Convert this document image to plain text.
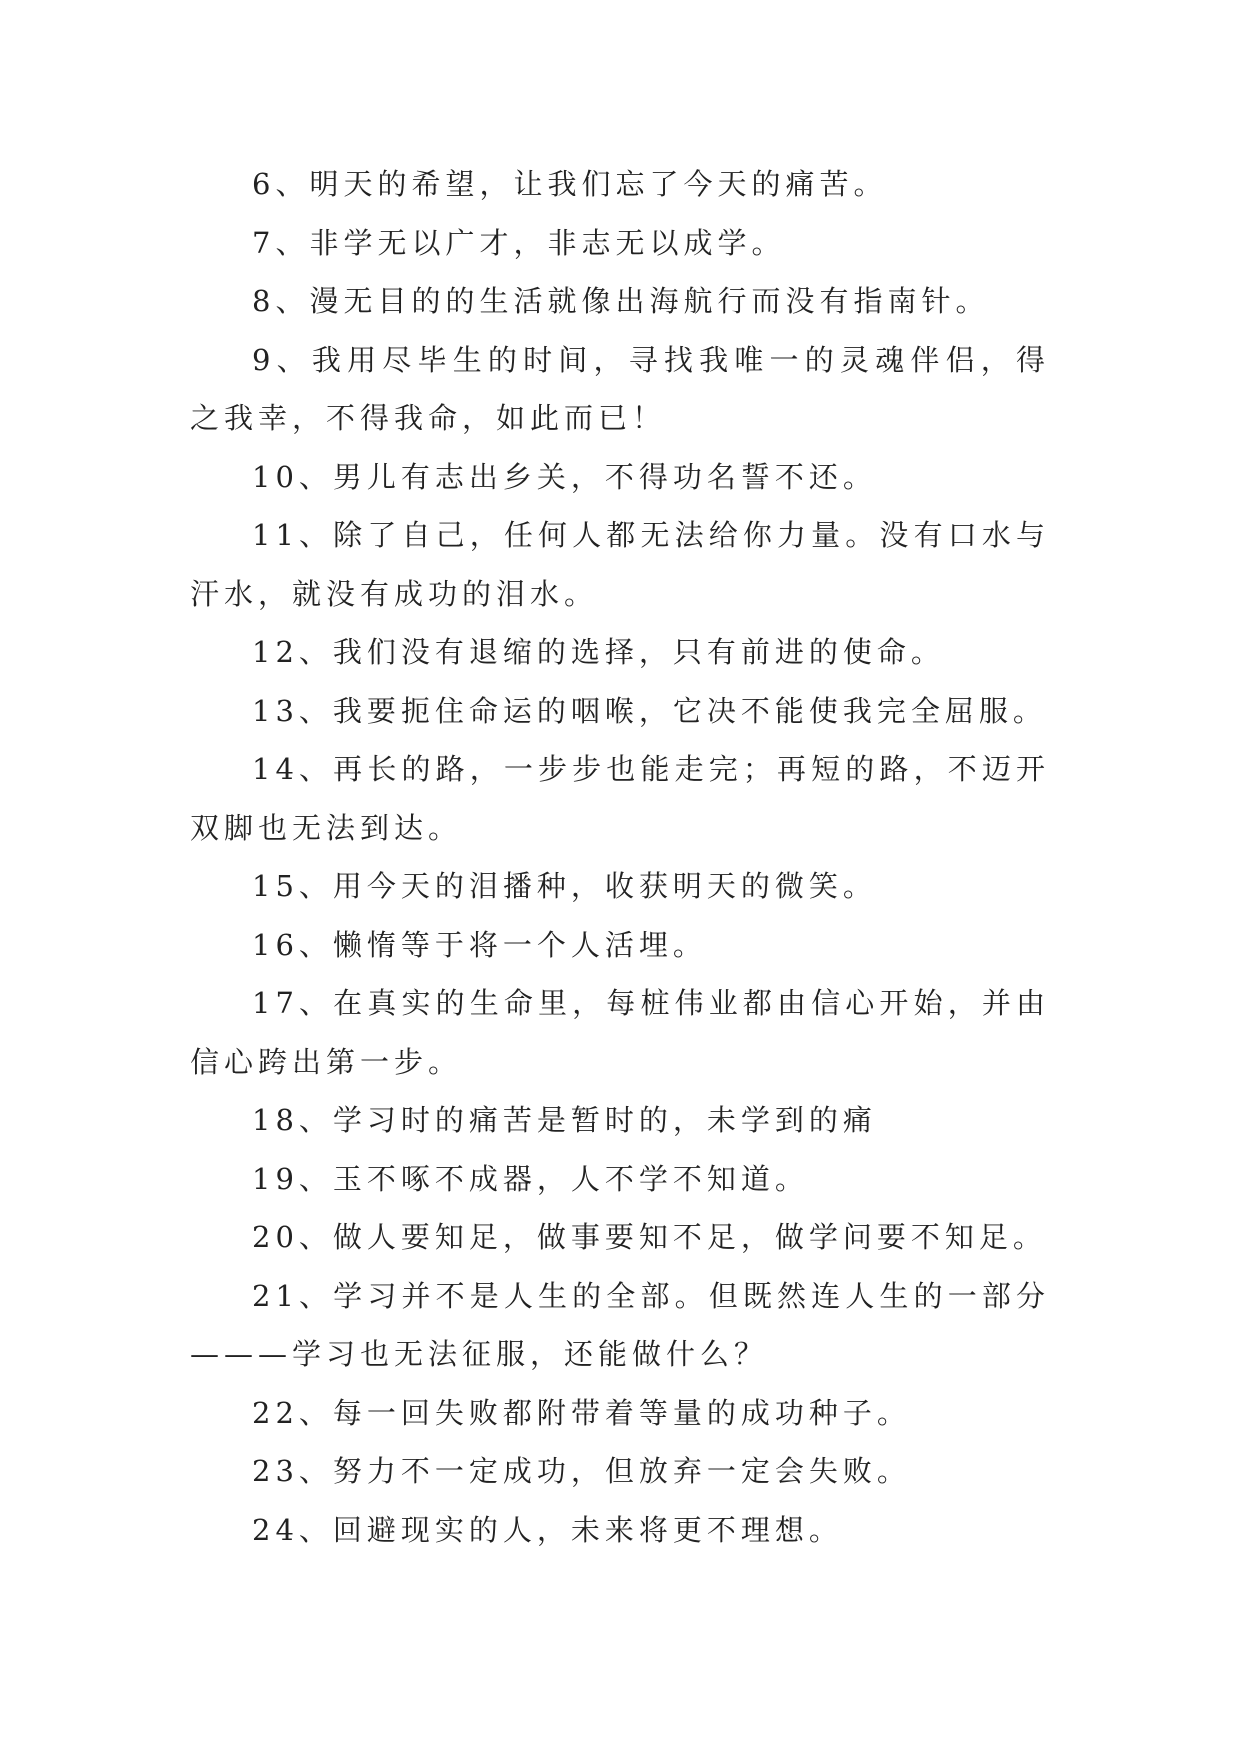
6、明天的希望，让我们忘了今天的痛苦。

7、非学无以广才，非志无以成学。

8、漫无目的的生活就像出海航行而没有指南针。

9、我用尽毕生的时间，寻找我唯一的灵魂伴侣，得之我幸，不得我命，如此而已！

10、男儿有志出乡关，不得功名誓不还。

11、除了自己，任何人都无法给你力量。没有口水与汗水，就没有成功的泪水。

12、我们没有退缩的选择，只有前进的使命。

13、我要扼住命运的咽喉，它决不能使我完全屈服。

14、再长的路，一步步也能走完；再短的路，不迈开双脚也无法到达。

15、用今天的泪播种，收获明天的微笑。

16、懒惰等于将一个人活埋。

17、在真实的生命里，每桩伟业都由信心开始，并由信心跨出第一步。

18、学习时的痛苦是暂时的，未学到的痛

19、玉不啄不成器，人不学不知道。

20、做人要知足，做事要知不足，做学问要不知足。

21、学习并不是人生的全部。但既然连人生的一部分———学习也无法征服，还能做什么？

22、每一回失败都附带着等量的成功种子。

23、努力不一定成功，但放弃一定会失败。

24、回避现实的人，未来将更不理想。
